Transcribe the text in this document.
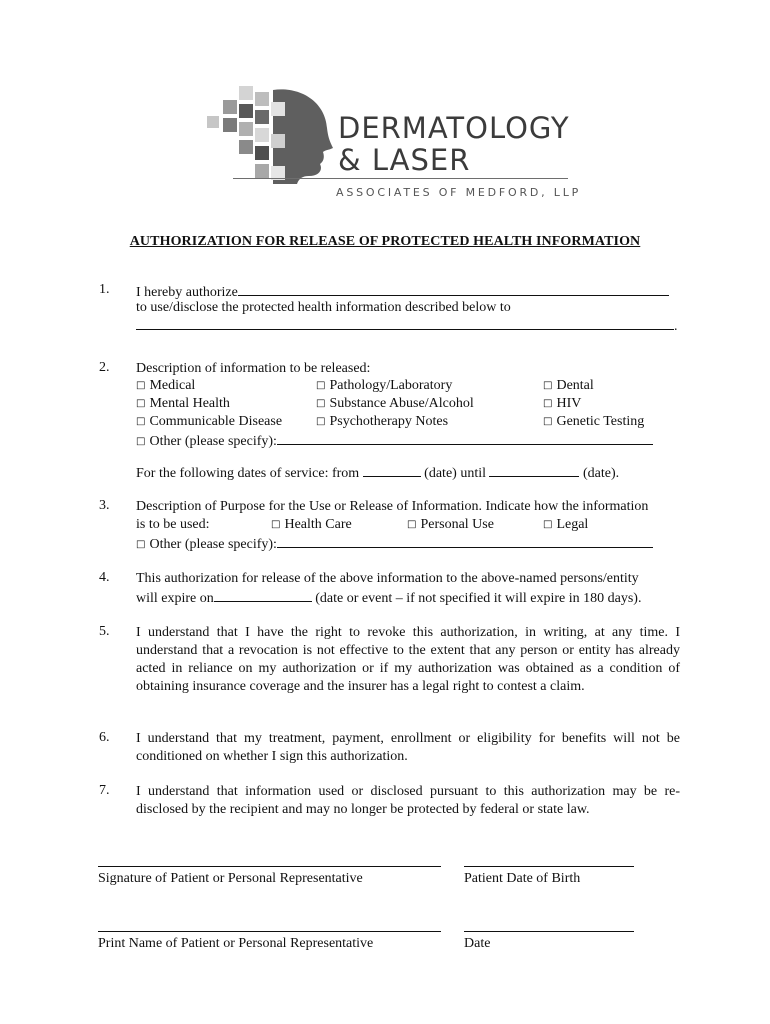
DERMATOLOGY
& LASER
ASSOCIATES OF MEDFORD, LLP
AUTHORIZATION FOR RELEASE OF PROTECTED HEALTH INFORMATION
1. I hereby authorize
to use/disclose the protected health information described below to
.
2. Description of information to be released:
□ Medical	□ Pathology/Laboratory	□ Dental
□ Mental Health	□ Substance Abuse/Alcohol	□ HIV
□ Communicable Disease	□ Psychotherapy Notes	□ Genetic Testing
□ Other (please specify):
For the following dates of service: from	(date) until	(date).
3. Description of Purpose for the Use or Release of Information. Indicate how the information
is to be used:	□ Health Care	□ Personal Use	□ Legal
□ Other (please specify):
4. This authorization for release of the above information to the above-named persons/entity
will expire on	(date or event – if not specified it will expire in 180 days).
5. I understand that I have the right to revoke this authorization, in writing, at any time. I understand that a revocation is not effective to the extent that any person or entity has already acted in reliance on my authorization or if my authorization was obtained as a condition of obtaining insurance coverage and the insurer has a legal right to contest a claim.
6. I understand that my treatment, payment, enrollment or eligibility for benefits will not be conditioned on whether I sign this authorization.
7. I understand that information used or disclosed pursuant to this authorization may be re-disclosed by the recipient and may no longer be protected by federal or state law.
Signature of Patient or Personal Representative	Patient Date of Birth
Print Name of Patient or Personal Representative	Date
